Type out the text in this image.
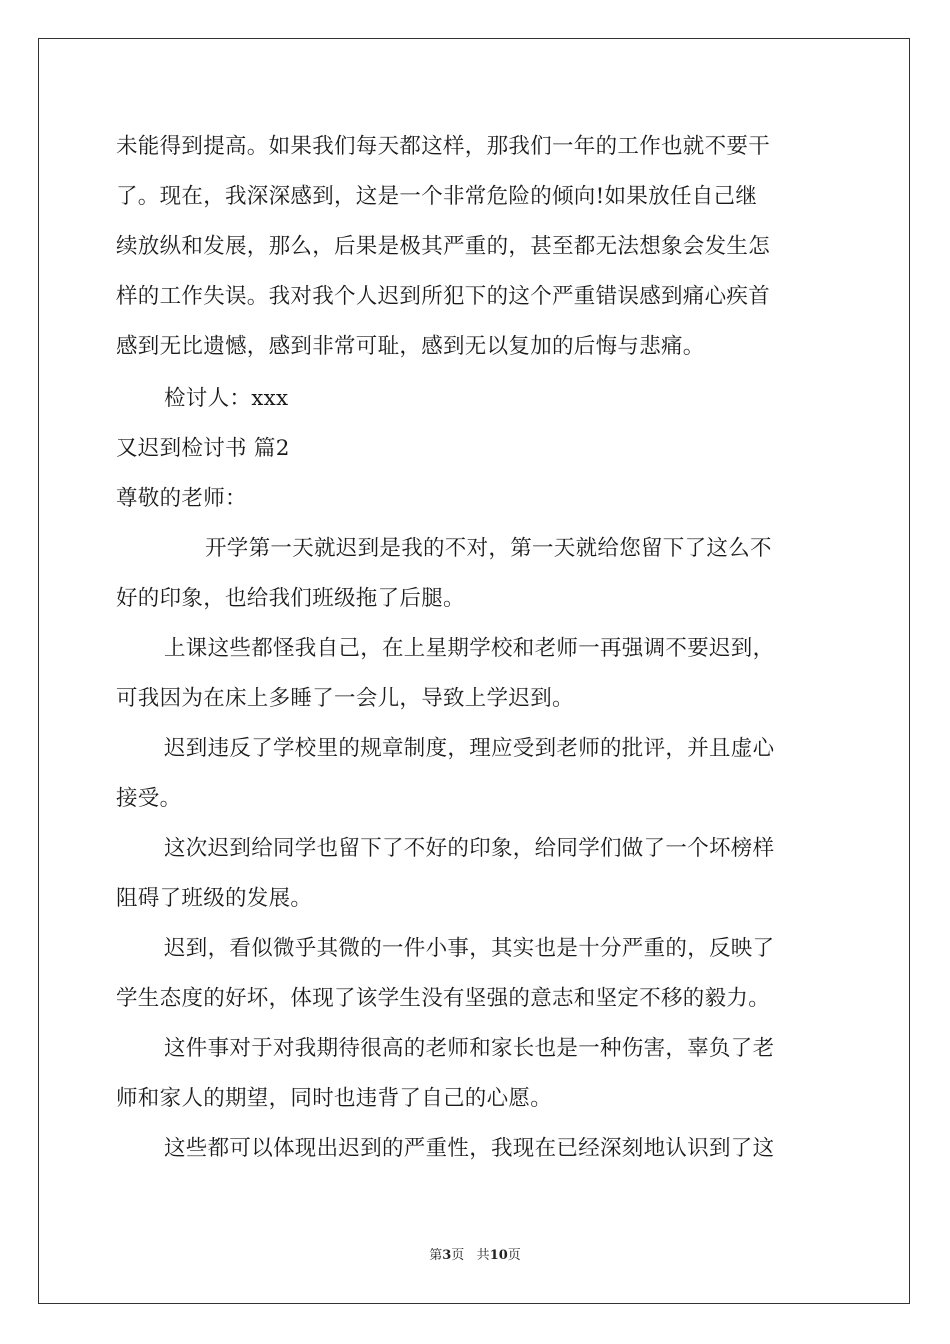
未能得到提高。如果我们每天都这样，那我们一年的工作也就不要干
了。现在，我深深感到，这是一个非常危险的倾向!如果放任自己继
续放纵和发展，那么，后果是极其严重的，甚至都无法想象会发生怎
样的工作失误。我对我个人迟到所犯下的这个严重错误感到痛心疾首
感到无比遗憾，感到非常可耻，感到无以复加的后悔与悲痛。
检讨人：xxx
又迟到检讨书 篇2
尊敬的老师：
开学第一天就迟到是我的不对，第一天就给您留下了这么不
好的印象，也给我们班级拖了后腿。
上课这些都怪我自己，在上星期学校和老师一再强调不要迟到，
可我因为在床上多睡了一会儿，导致上学迟到。
迟到违反了学校里的规章制度，理应受到老师的批评，并且虚心
接受。
这次迟到给同学也留下了不好的印象，给同学们做了一个坏榜样
阻碍了班级的发展。
迟到，看似微乎其微的一件小事，其实也是十分严重的，反映了
学生态度的好坏，体现了该学生没有坚强的意志和坚定不移的毅力。
这件事对于对我期待很高的老师和家长也是一种伤害，辜负了老
师和家人的期望，同时也违背了自己的心愿。
这些都可以体现出迟到的严重性，我现在已经深刻地认识到了这
第3页 共10页
